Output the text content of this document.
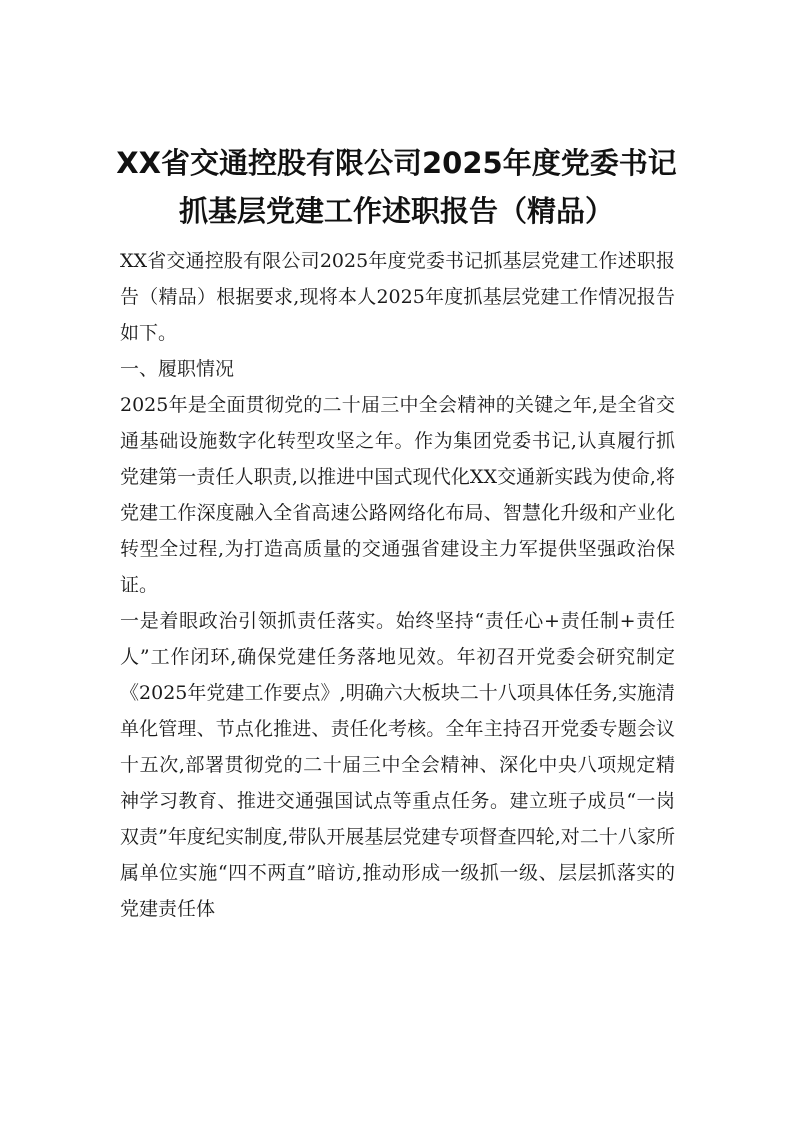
XX省交通控股有限公司2025年度党委书记
抓基层党建工作述职报告（精品）

XX省交通控股有限公司2025年度党委书记抓基层党建工作述职报告（精品）根据要求,现将本人2025年度抓基层党建工作情况报告如下。

一、履职情况

2025年是全面贯彻党的二十届三中全会精神的关键之年,是全省交通基础设施数字化转型攻坚之年。作为集团党委书记,认真履行抓党建第一责任人职责,以推进中国式现代化XX交通新实践为使命,将党建工作深度融入全省高速公路网络化布局、智慧化升级和产业化转型全过程,为打造高质量的交通强省建设主力军提供坚强政治保证。

一是着眼政治引领抓责任落实。始终坚持“责任心+责任制+责任人”工作闭环,确保党建任务落地见效。年初召开党委会研究制定《2025年党建工作要点》,明确六大板块二十八项具体任务,实施清单化管理、节点化推进、责任化考核。全年主持召开党委专题会议十五次,部署贯彻党的二十届三中全会精神、深化中央八项规定精神学习教育、推进交通强国试点等重点任务。建立班子成员“一岗双责”年度纪实制度,带队开展基层党建专项督查四轮,对二十八家所属单位实施“四不两直”暗访,推动形成一级抓一级、层层抓落实的党建责任体
